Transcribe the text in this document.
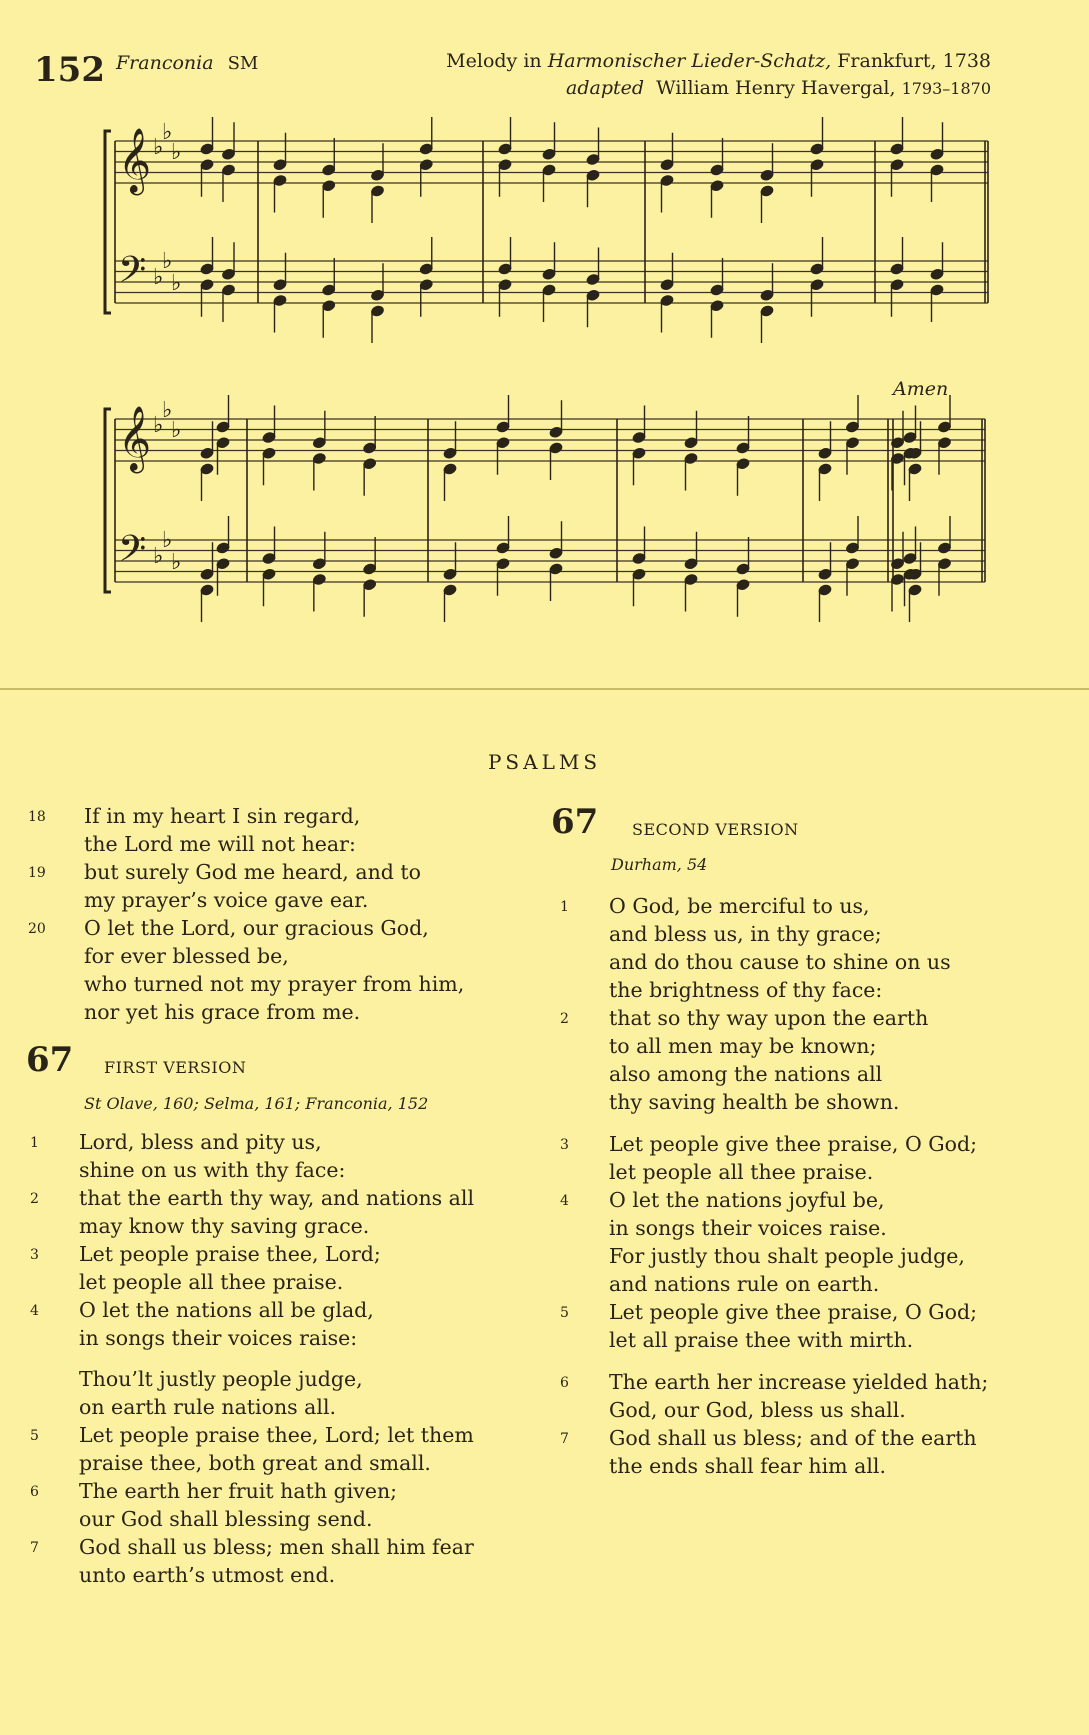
152 Franconia SM	Melody in Harmonischer Lieder-Schatz, Frankfurt, 1738
adapted William Henry Havergal, 1793–1870
𝄞 ♭
♭
♭
𝄢 ♭
♭
♭
𝄞 ♭
♭
♭
𝄢 ♭
♭
♭
Amen
PSALMS
18 If in my heart I sin regard,
the Lord me will not hear:
19 but surely God me heard, and to
my prayer’s voice gave ear.
20 O let the Lord, our gracious God,
for ever blessed be,
who turned not my prayer from him,
nor yet his grace from me.
67 FIRST VERSION
St Olave, 160; Selma, 161; Franconia, 152
1 Lord, bless and pity us,
shine on us with thy face:
2 that the earth thy way, and nations all
may know thy saving grace.
3 Let people praise thee, Lord;
let people all thee praise.
4 O let the nations all be glad,
in songs their voices raise:
Thou’lt justly people judge,
on earth rule nations all.
5 Let people praise thee, Lord; let them
praise thee, both great and small.
6 The earth her fruit hath given;
our God shall blessing send.
7 God shall us bless; men shall him fear
unto earth’s utmost end.
67 SECOND VERSION
Durham, 54
1 O God, be merciful to us,
and bless us, in thy grace;
and do thou cause to shine on us
the brightness of thy face:
2 that so thy way upon the earth
to all men may be known;
also among the nations all
thy saving health be shown.
3 Let people give thee praise, O God;
let people all thee praise.
4 O let the nations joyful be,
in songs their voices raise.
For justly thou shalt people judge,
and nations rule on earth.
5 Let people give thee praise, O God;
let all praise thee with mirth.
6 The earth her increase yielded hath;
God, our God, bless us shall.
7 God shall us bless; and of the earth
the ends shall fear him all.
